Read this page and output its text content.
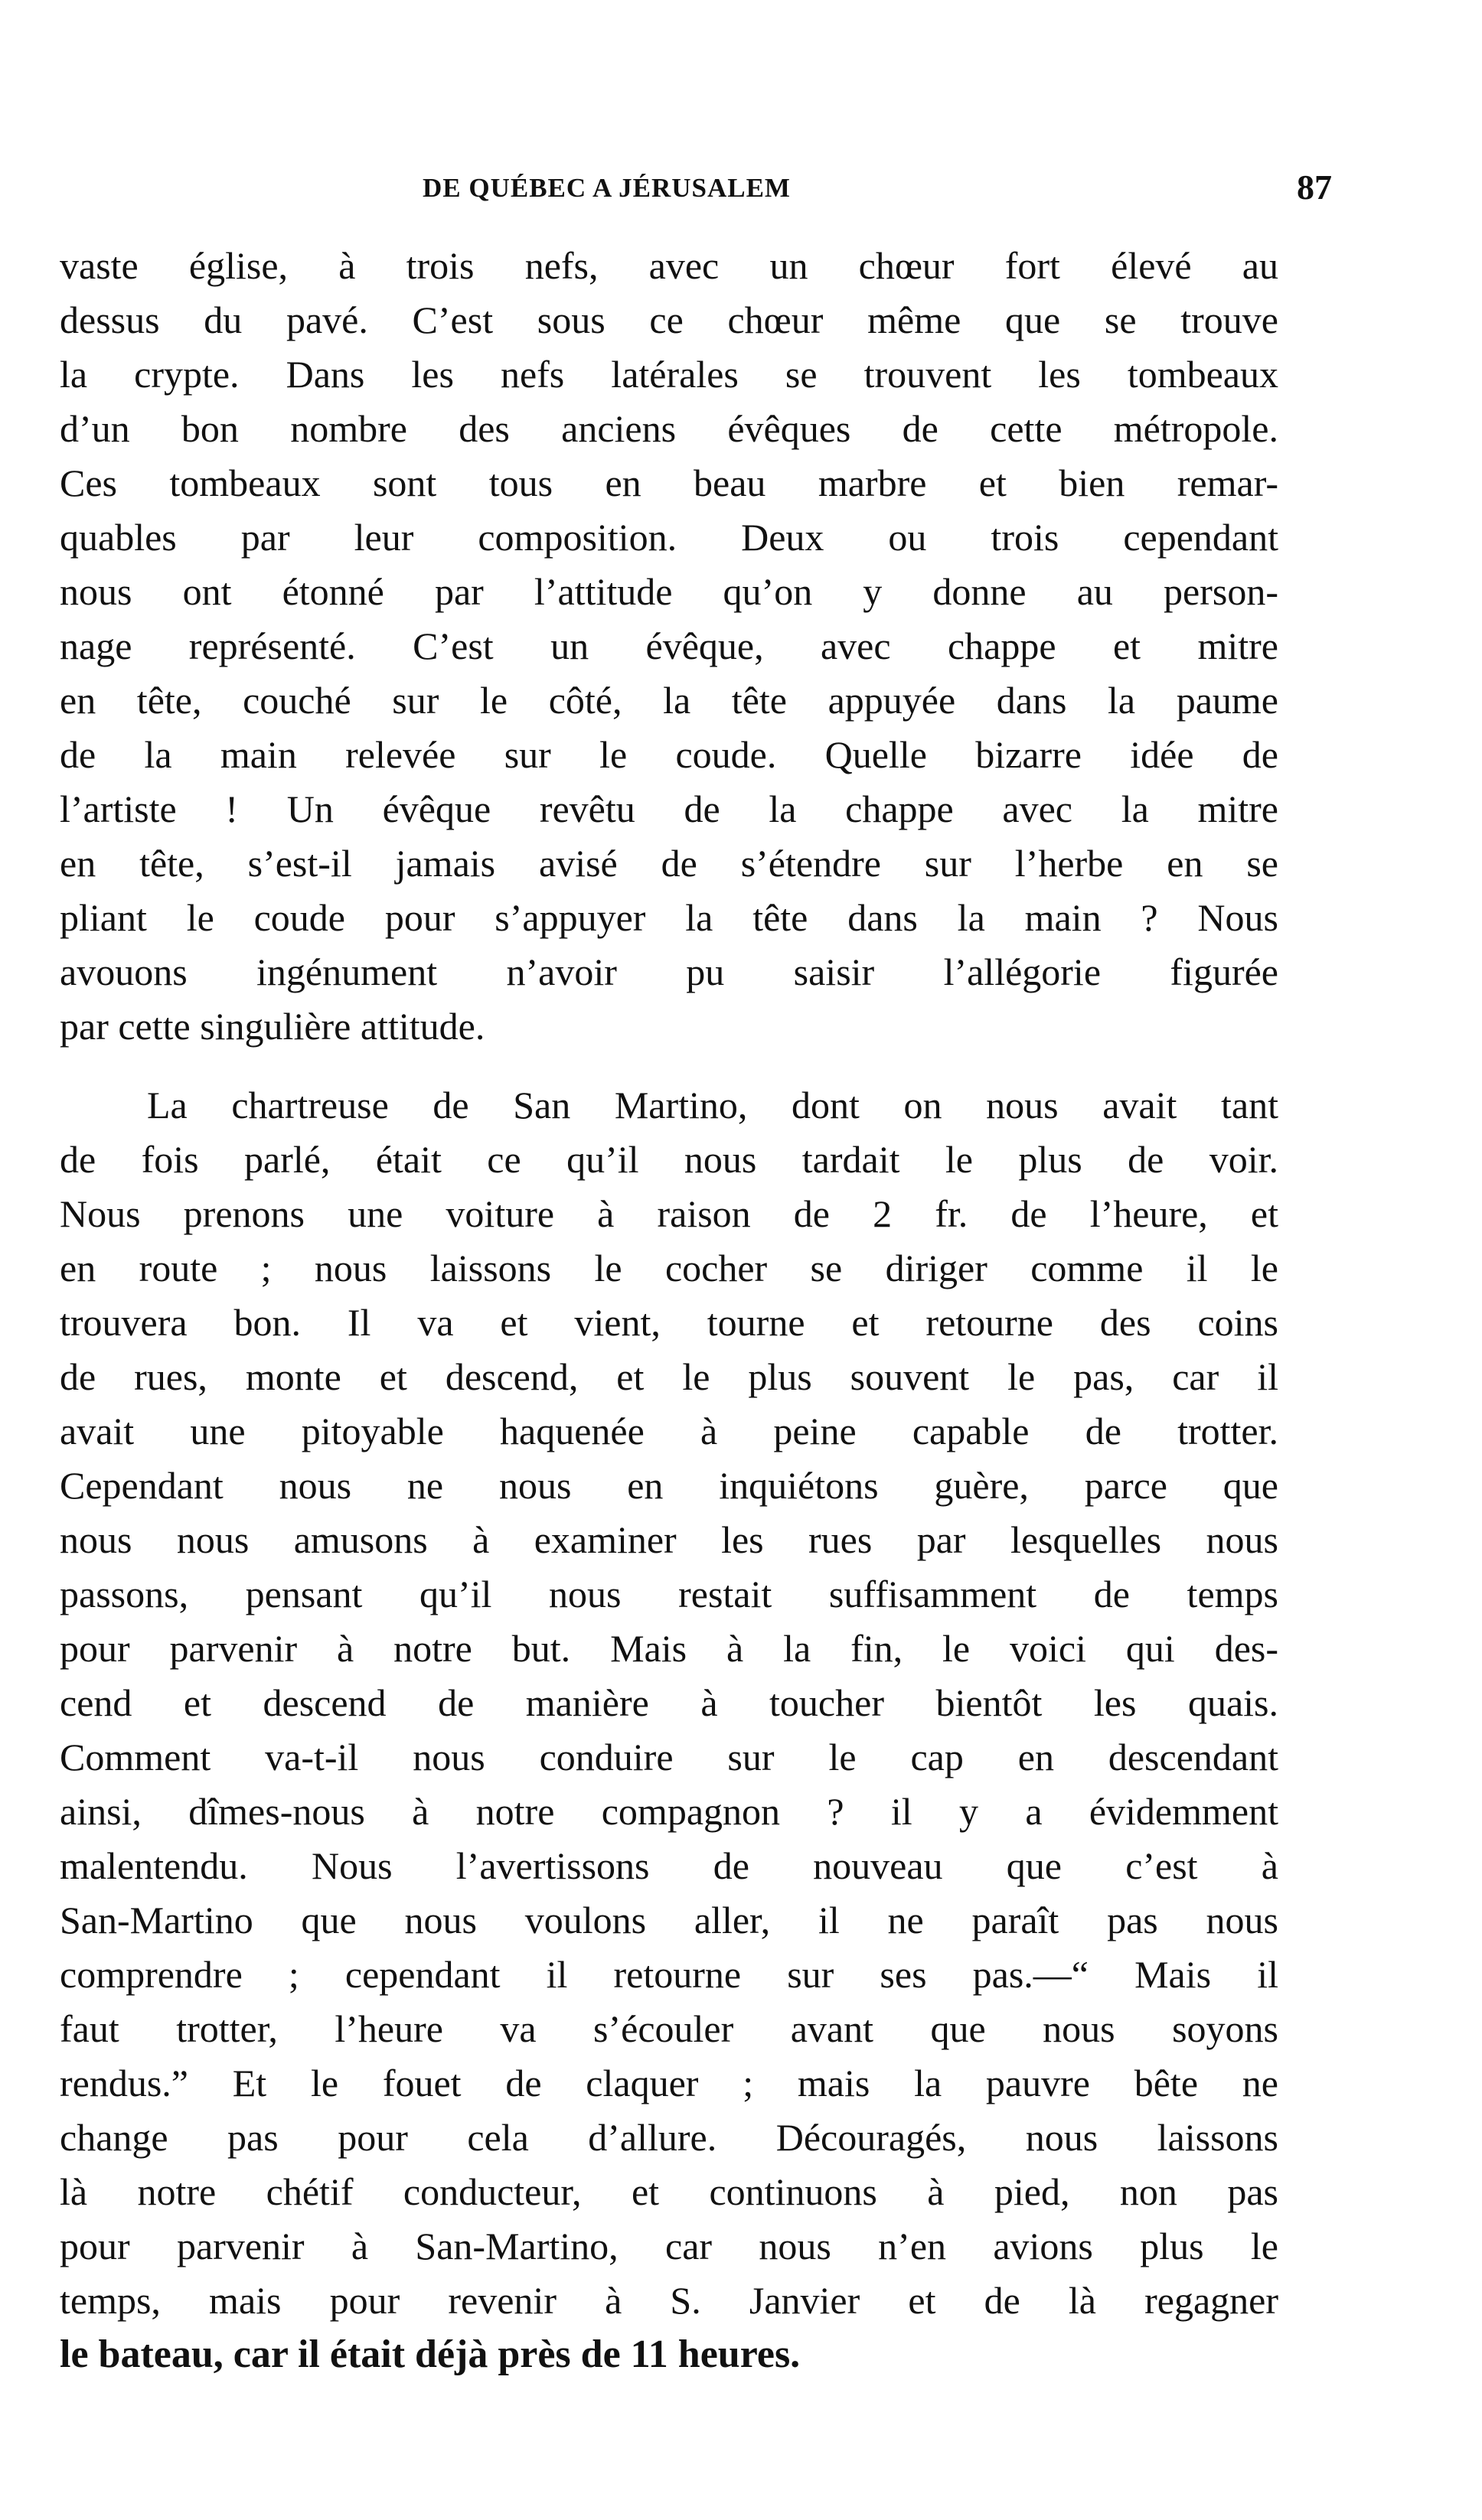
DE QUÉBEC A JÉRUSALEM	87
vaste église, à trois nefs, avec un chœur fort élevé au
dessus du pavé. C’est sous ce chœur même que se trouve
la crypte. Dans les nefs latérales se trouvent les tombeaux
d’un bon nombre des anciens évêques de cette métropole.
Ces tombeaux sont tous en beau marbre et bien remar-
quables par leur composition. Deux ou trois cependant
nous ont étonné par l’attitude qu’on y donne au person-
nage représenté. C’est un évêque, avec chappe et mitre
en tête, couché sur le côté, la tête appuyée dans la paume
de la main relevée sur le coude. Quelle bizarre idée de
l’artiste ! Un évêque revêtu de la chappe avec la mitre
en tête, s’est-il jamais avisé de s’étendre sur l’herbe en se
pliant le coude pour s’appuyer la tête dans la main ? Nous
avouons ingénument n’avoir pu saisir l’allégorie figurée
par cette singulière attitude.
La chartreuse de San Martino, dont on nous avait tant
de fois parlé, était ce qu’il nous tardait le plus de voir.
Nous prenons une voiture à raison de 2 fr. de l’heure, et
en route ; nous laissons le cocher se diriger comme il le
trouvera bon. Il va et vient, tourne et retourne des coins
de rues, monte et descend, et le plus souvent le pas, car il
avait une pitoyable haquenée à peine capable de trotter.
Cependant nous ne nous en inquiétons guère, parce que
nous nous amusons à examiner les rues par lesquelles nous
passons, pensant qu’il nous restait suffisamment de temps
pour parvenir à notre but. Mais à la fin, le voici qui des-
cend et descend de manière à toucher bientôt les quais.
Comment va-t-il nous conduire sur le cap en descendant
ainsi, dîmes-nous à notre compagnon ? il y a évidemment
malentendu. Nous l’avertissons de nouveau que c’est à
San-Martino que nous voulons aller, il ne paraît pas nous
comprendre ; cependant il retourne sur ses pas.—“ Mais il
faut trotter, l’heure va s’écouler avant que nous soyons
rendus.” Et le fouet de claquer ; mais la pauvre bête ne
change pas pour cela d’allure. Découragés, nous laissons
là notre chétif conducteur, et continuons à pied, non pas
pour parvenir à San-Martino, car nous n’en avions plus le
temps, mais pour revenir à S. Janvier et de là regagner
le bateau, car il était déjà près de 11 heures.
